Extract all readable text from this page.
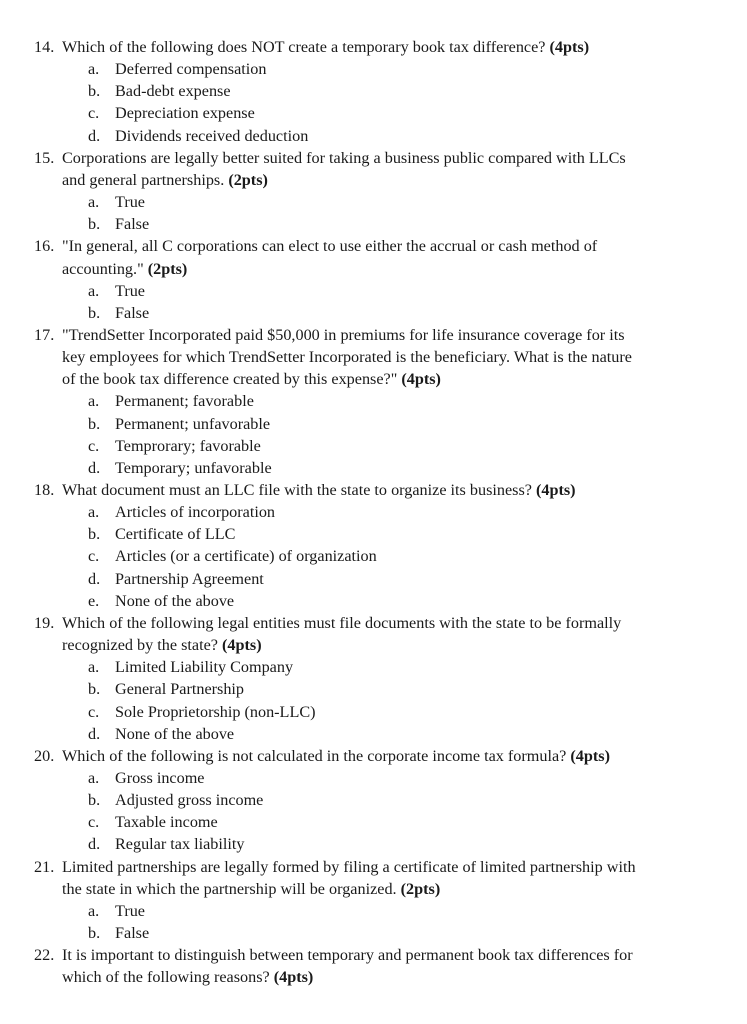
14. Which of the following does NOT create a temporary book tax difference? (4pts)
a. Deferred compensation
b. Bad-debt expense
c. Depreciation expense
d. Dividends received deduction
15. Corporations are legally better suited for taking a business public compared with LLCs
and general partnerships. (2pts)
a. True
b. False
16. "In general, all C corporations can elect to use either the accrual or cash method of
accounting." (2pts)
a. True
b. False
17. "TrendSetter Incorporated paid $50,000 in premiums for life insurance coverage for its
key employees for which TrendSetter Incorporated is the beneficiary. What is the nature
of the book tax difference created by this expense?" (4pts)
a. Permanent; favorable
b. Permanent; unfavorable
c. Temprorary; favorable
d. Temporary; unfavorable
18. What document must an LLC file with the state to organize its business? (4pts)
a. Articles of incorporation
b. Certificate of LLC
c. Articles (or a certificate) of organization
d. Partnership Agreement
e. None of the above
19. Which of the following legal entities must file documents with the state to be formally
recognized by the state? (4pts)
a. Limited Liability Company
b. General Partnership
c. Sole Proprietorship (non-LLC)
d. None of the above
20. Which of the following is not calculated in the corporate income tax formula? (4pts)
a. Gross income
b. Adjusted gross income
c. Taxable income
d. Regular tax liability
21. Limited partnerships are legally formed by filing a certificate of limited partnership with
the state in which the partnership will be organized. (2pts)
a. True
b. False
22. It is important to distinguish between temporary and permanent book tax differences for
which of the following reasons? (4pts)
